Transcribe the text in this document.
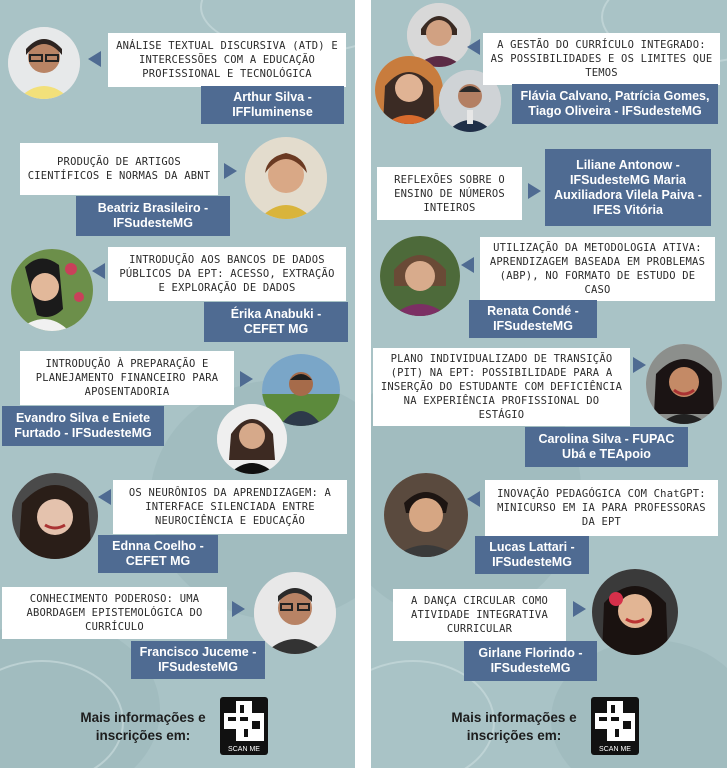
ANÁLISE TEXTUAL DISCURSIVA (ATD) E INTERCESSÕES COM A EDUCAÇÃO PROFISSIONAL E TECNOLÓGICA
Arthur Silva - IFFluminense
PRODUÇÃO DE ARTIGOS CIENTÍFICOS E NORMAS DA ABNT
Beatriz Brasileiro - IFSudesteMG
INTRODUÇÃO AOS BANCOS DE DADOS PÚBLICOS DA EPT: ACESSO, EXTRAÇÃO E EXPLORAÇÃO DE DADOS
Érika Anabuki - CEFET MG
INTRODUÇÃO À PREPARAÇÃO E PLANEJAMENTO FINANCEIRO PARA APOSENTADORIA
Evandro Silva e Eniete Furtado - IFSudesteMG
OS NEURÔNIOS DA APRENDIZAGEM: A INTERFACE SILENCIADA ENTRE NEUROCIÊNCIA E EDUCAÇÃO
Ednna Coelho - CEFET MG
CONHECIMENTO PODEROSO: UMA ABORDAGEM EPISTEMOLÓGICA DO CURRÍCULO
Francisco Juceme - IFSudesteMG
Mais informações e inscrições em:
SCAN ME
A GESTÃO DO CURRÍCULO INTEGRADO: AS POSSIBILIDADES E OS LIMITES QUE TEMOS
Flávia Calvano, Patrícia Gomes, Tiago Oliveira - IFSudesteMG
REFLEXÕES SOBRE O ENSINO DE NÚMEROS INTEIROS
Liliane Antonow -IFSudesteMG Maria Auxiliadora Vilela Paiva - IFES Vitória
UTILIZAÇÃO DA METODOLOGIA ATIVA: APRENDIZAGEM BASEADA EM PROBLEMAS (ABP), NO FORMATO DE ESTUDO DE CASO
Renata Condé - IFSudesteMG
PLANO INDIVIDUALIZADO DE TRANSIÇÃO (PIT) NA EPT: POSSIBILIDADE PARA A INSERÇÃO DO ESTUDANTE COM DEFICIÊNCIA NA EXPERIÊNCIA PROFISSIONAL DO ESTÁGIO
Carolina Silva - FUPAC Ubá e TEApoio
INOVAÇÃO PEDAGÓGICA COM ChatGPT: MINICURSO EM IA PARA PROFESSORAS DA EPT
Lucas Lattari - IFSudesteMG
A DANÇA CIRCULAR COMO ATIVIDADE INTEGRATIVA CURRICULAR
Girlane Florindo - IFSudesteMG
Mais informações e inscrições em:
SCAN ME
